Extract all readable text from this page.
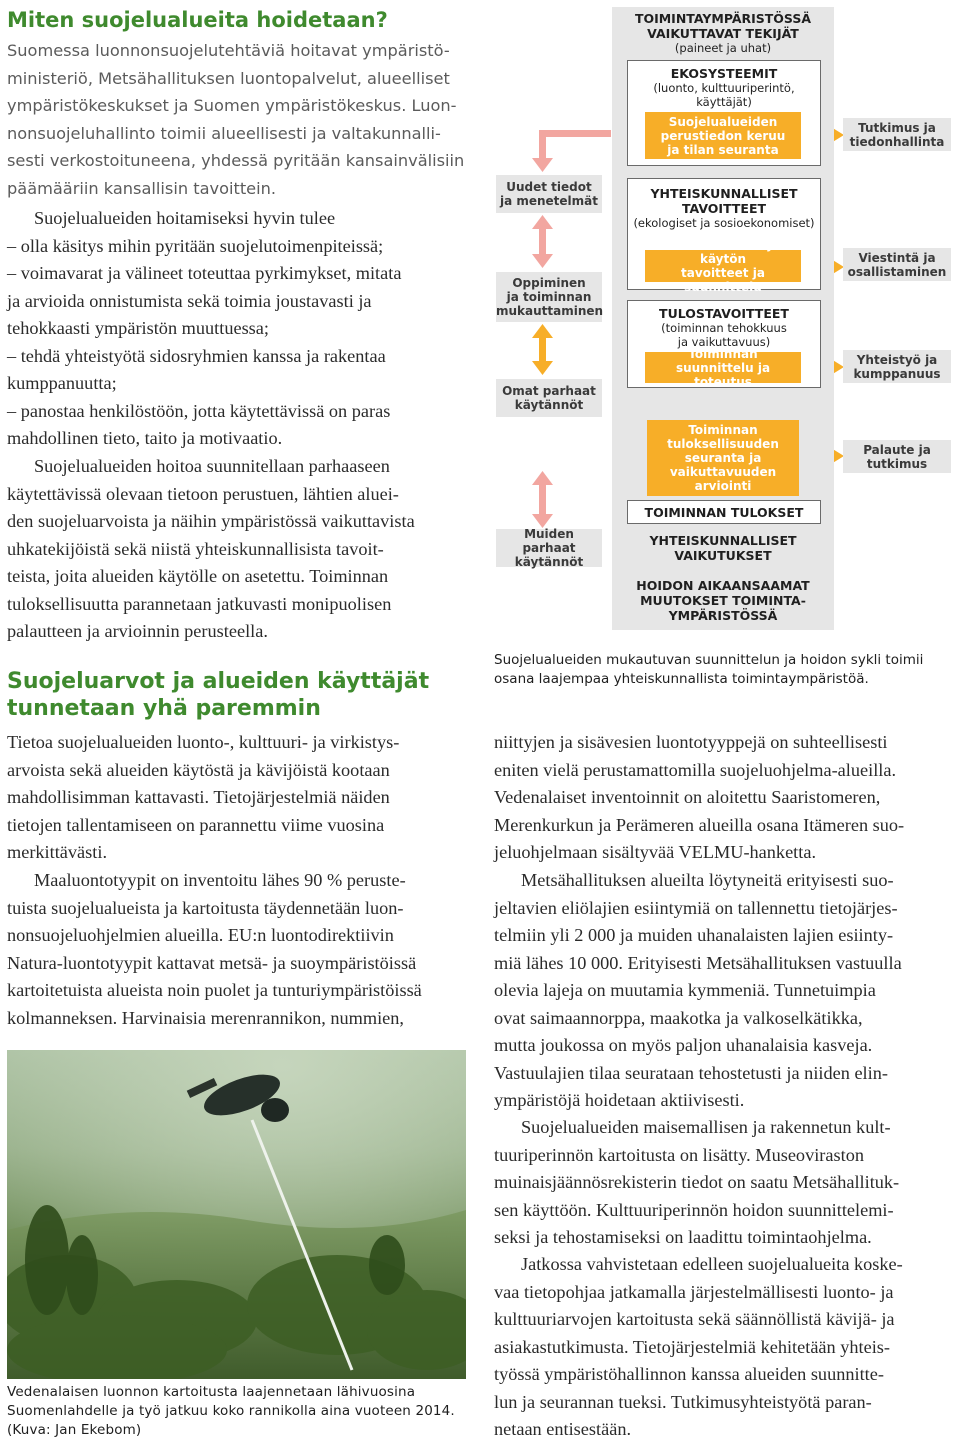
Miten suojelualueita hoidetaan?
Suomessa luonnonsuojelutehtäviä hoitavat ympäristö-
ministeriö, Metsähallituksen luontopalvelut, alueelliset
ympäristökeskukset ja Suomen ympäristökeskus. Luon-
nonsuojeluhallinto toimii alueellisesti ja valtakunnalli-
sesti verkostoituneena, yhdessä pyritään kansainvälisiin
päämääriin kansallisin tavoittein.
Suojelualueiden hoitamiseksi hyvin tulee
– olla käsitys mihin pyritään suojelutoimenpiteissä;
– voimavarat ja välineet toteuttaa pyrkimykset, mitata
ja arvioida onnistumista sekä toimia joustavasti ja
tehokkaasti ympäristön muuttuessa;
– tehdä yhteistyötä sidosryhmien kanssa ja rakentaa
kumppanuutta;
– panostaa henkilöstöön, jotta käytettävissä on paras
mahdollinen tieto, taito ja motivaatio.
Suojelualueiden hoitoa suunnitellaan parhaaseen
käytettävissä olevaan tietoon perustuen, lähtien aluei-
den suojeluarvoista ja näihin ympäristössä vaikuttavista
uhkatekijöistä sekä niistä yhteiskunnallisista tavoit-
teista, joita alueiden käytölle on asetettu. Toiminnan
tuloksellisuutta parannetaan jatkuvasti monipuolisen
palautteen ja arvioinnin perusteella.
Suojeluarvot ja alueiden käyttäjät
tunnetaan yhä paremmin
Tietoa suojelualueiden luonto-, kulttuuri- ja virkistys-
arvoista sekä alueiden käytöstä ja kävijöistä kootaan
mahdollisimman kattavasti. Tietojärjestelmiä näiden
tietojen tallentamiseen on parannettu viime vuosina
merkittävästi.
Maaluontotyypit on inventoitu lähes 90 % peruste-
tuista suojelualueista ja kartoitusta täydennetään luon-
nonsuojeluohjelmien alueilla. EU:n luontodirektiivin
Natura-luontotyypit kattavat metsä- ja suoympäristöissä
kartoitetuista alueista noin puolet ja tunturiympäristöissä
kolmanneksen. Harvinaisia merenrannikon, nummien,
Vedenalaisen luonnon kartoitusta laajennetaan lähivuosina
Suomenlahdelle ja työ jatkuu koko rannikolla aina vuoteen 2014.
(Kuva: Jan Ekebom)
TOIMINTAYMPÄRISTÖSSÄ
VAIKUTTAVAT TEKIJÄT
(paineet ja uhat)
EKOSYSTEEMIT
(luonto, kulttuuriperintö,
käyttäjät)
Suojelualueiden
perustiedon keruu
ja tilan seuranta
YHTEISKUNNALLISET
TAVOITTEET
(ekologiset ja sosioekonomiset)
Alueen hoidon ja käytön
tavoitteet ja suunnittelu
TULOSTAVOITTEET
(toiminnan tehokkuus
ja vaikuttavuus)
Toiminnan
suunnittelu ja toteutus
Toiminnan
tuloksellisuuden
seuranta ja
vaikuttavuuden
arviointi
TOIMINNAN TULOKSET
YHTEISKUNNALLISET
VAIKUTUKSET
HOIDON AIKAANSAAMAT
MUUTOKSET TOIMINTA-
YMPÄRISTÖSSÄ
Uudet tiedot
ja menetelmät
Oppiminen
ja toiminnan
mukauttaminen
Omat parhaat
käytännöt
Muiden parhaat
käytännöt
Tutkimus ja
tiedonhallinta
Viestintä ja
osallistaminen
Yhteistyö ja
kumppanuus
Palaute ja
tutkimus
Suojelualueiden mukautuvan suunnittelun ja hoidon sykli toimii
osana laajempaa yhteiskunnallista toimintaympäristöä.
niittyjen ja sisävesien luontotyyppejä on suhteellisesti
eniten vielä perustamattomilla suojeluohjelma-alueilla.
Vedenalaiset inventoinnit on aloitettu Saaristomeren,
Merenkurkun ja Perämeren alueilla osana Itämeren suo-
jeluohjelmaan sisältyvää VELMU-hanketta.
Metsähallituksen alueilta löytyneitä erityisesti suo-
jeltavien eliölajien esiintymiä on tallennettu tietojärjes-
telmiin yli 2 000 ja muiden uhanalaisten lajien esiinty-
miä lähes 10 000. Erityisesti Metsähallituksen vastuulla
olevia lajeja on muutamia kymmeniä. Tunnetuimpia
ovat saimaannorppa, maakotka ja valkoselkätikka,
mutta joukossa on myös paljon uhanalaisia kasveja.
Vastuulajien tilaa seurataan tehostetusti ja niiden elin-
ympäristöjä hoidetaan aktiivisesti.
Suojelualueiden maisemallisen ja rakennetun kult-
tuuriperinnön kartoitusta on lisätty. Museoviraston
muinaisjäännösrekisterin tiedot on saatu Metsähallituk-
sen käyttöön. Kulttuuriperinnön hoidon suunnittelemi-
seksi ja tehostamiseksi on laadittu toimintaohjelma.
Jatkossa vahvistetaan edelleen suojelualueita koske-
vaa tietopohjaa jatkamalla järjestelmällisesti luonto- ja
kulttuuriarvojen kartoitusta sekä säännöllistä kävijä- ja
asiakastutkimusta. Tietojärjestelmiä kehitetään yhteis-
työssä ympäristöhallinnon kanssa alueiden suunnitte-
lun ja seurannan tueksi. Tutkimusyhteistyötä paran-
netaan entisestään.
